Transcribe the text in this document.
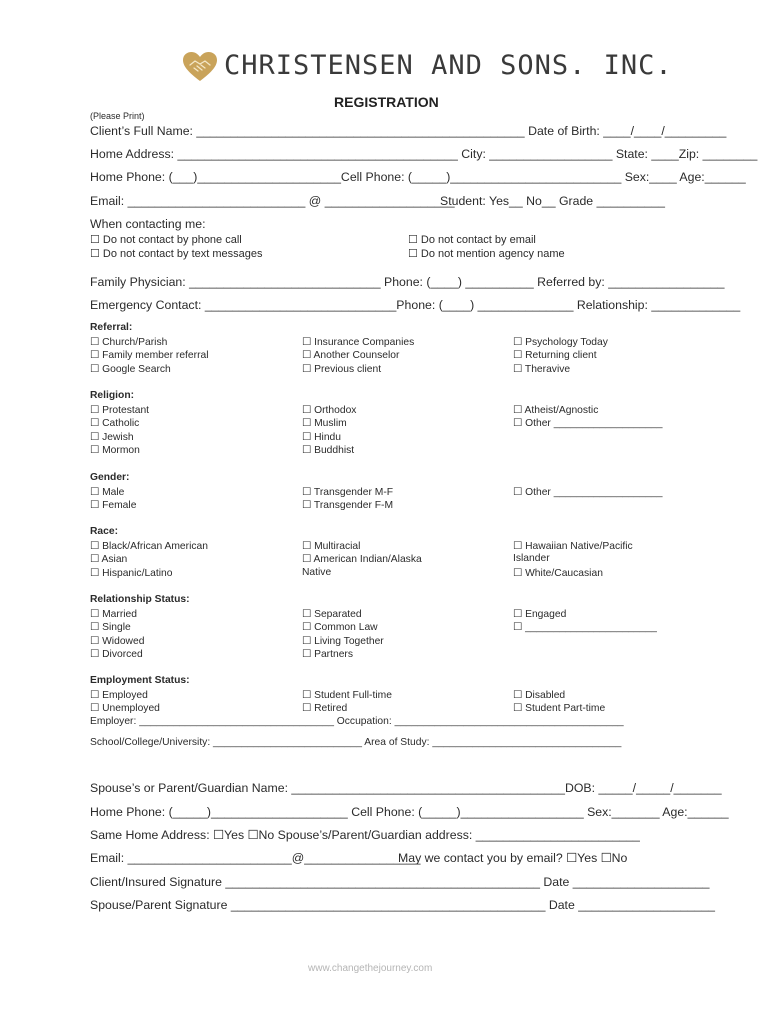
CHRISTENSEN AND SONS. INC.
REGISTRATION
(Please Print)
Client’s Full Name: ________________________________________________ Date of Birth: ____/____/_________
Home Address: _________________________________________ City: __________________ State: ____Zip: ________
Home Phone: (___)_____________________Cell Phone: (_____)_________________________ Sex:____ Age:______
Email: __________________________ @ ___________________
Student: Yes__ No__ Grade __________
When contacting me:
☐ Do not contact by phone call
☐ Do not contact by text messages
☐ Do not contact by email
☐ Do not mention agency name
Family Physician: ____________________________ Phone: (____) __________ Referred by: _________________
Emergency Contact: ____________________________Phone: (____) ______________ Relationship: _____________
Referral:
☐ Church/Parish
☐ Family member referral
☐ Google Search
☐ Insurance Companies
☐ Another Counselor
☐ Previous client
☐ Psychology Today
☐ Returning client
☐ Theravive
Religion:
☐ Protestant
☐ Catholic
☐ Jewish
☐ Mormon
☐ Orthodox
☐ Muslim
☐ Hindu
☐ Buddhist
☐ Atheist/Agnostic
☐ Other ___________________
Gender:
☐ Male
☐ Female
☐ Transgender M-F
☐ Transgender F-M
☐ Other ___________________
Race:
☐ Black/African American
☐ Asian
☐ Hispanic/Latino
☐ Multiracial
☐ American Indian/Alaska
Native
☐ Hawaiian Native/Pacific
Islander
☐ White/Caucasian
Relationship Status:
☐ Married
☐ Single
☐ Widowed
☐ Divorced
☐ Separated
☐ Common Law
☐ Living Together
☐ Partners
☐ Engaged
☐ _______________________
Employment Status:
☐ Employed
☐ Unemployed
☐ Student Full-time
☐ Retired
☐ Disabled
☐ Student Part-time
Employer: __________________________________ Occupation: ________________________________________
School/College/University: __________________________ Area of Study: _________________________________
Spouse’s or Parent/Guardian Name: ________________________________________DOB: _____/_____/_______
Home Phone: (_____)____________________ Cell Phone: (_____)__________________ Sex:_______ Age:______
Same Home Address: ☐Yes ☐No Spouse’s/Parent/Guardian address: ________________________
Email: ________________________@_________________
May we contact you by email? ☐Yes ☐No
Client/Insured Signature ______________________________________________ Date ____________________
Spouse/Parent Signature ______________________________________________ Date ____________________
www.changethejourney.com
